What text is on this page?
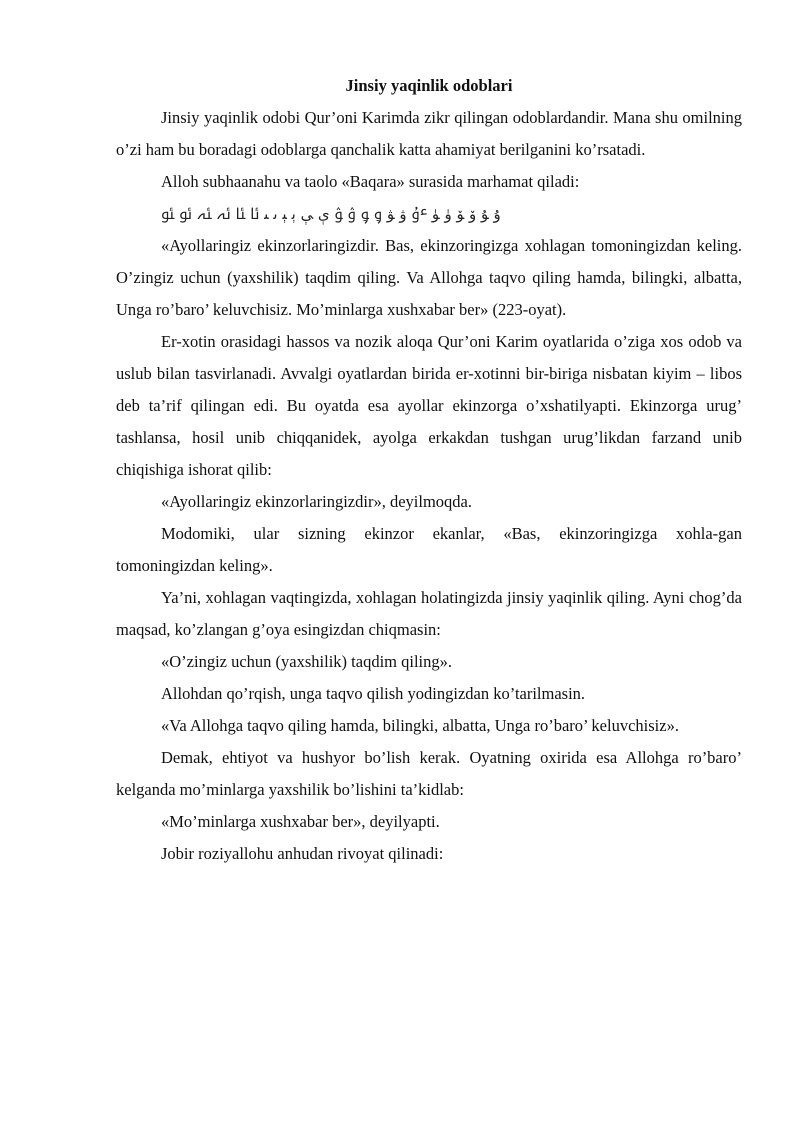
Jinsiy yaqinlik odoblari

Jinsiy yaqinlik odobi Qur’oni Karimda zikr qilingan odoblardandir. Mana shu omilning o’zi ham bu boradagi odoblarga qanchalik katta ahamiyat berilganini ko’rsatadi.

Alloh subhaanahu va taolo «Baqara» surasida marhamat qiladi:

ﯗ ﯘ ﯙ ﯚ ﯛ ﯜ ﯝ ﯞ ﯟ ﯠ ﯡ ﯢ ﯣ ﯤ ﯥ ﯦ ﯧ ﯨ ﯩ ﯪ ﯫ ﯬ ﯭ ﯮ ﯯ

«Ayollaringiz ekinzorlaringizdir. Bas, ekinzoringizga xohlagan tomoningizdan keling. O’zingiz uchun (yaxshilik) taqdim qiling. Va Allohga taqvo qiling hamda, bilingki, albatta, Unga ro’baro’ keluvchisiz. Mo’minlarga xushxabar ber» (223-oyat).

Er-xotin orasidagi hassos va nozik aloqa Qur’oni Karim oyatlarida o’ziga xos odob va uslub bilan tasvirlanadi. Avvalgi oyatlardan birida er-xotinni bir-biriga nisbatan kiyim – libos deb ta’rif qilingan edi. Bu oyatda esa ayollar ekinzorga o’xshatilyapti. Ekinzorga urug’ tashlansa, hosil unib chiqqanidek, ayolga erkakdan tushgan urug’likdan farzand unib chiqishiga ishorat qilib:

«Ayollaringiz ekinzorlaringizdir», deyilmoqda.

Modomiki, ular sizning ekinzor ekanlar, «Bas, ekinzoringizga xohla-gan tomoningizdan keling».

Ya’ni, xohlagan vaqtingizda, xohlagan holatingizda jinsiy yaqinlik qiling. Ayni chog’da maqsad, ko’zlangan g’oya esingizdan chiqmasin:

«O’zingiz uchun (yaxshilik) taqdim qiling».

Allohdan qo’rqish, unga taqvo qilish yodingizdan ko’tarilmasin.

«Va Allohga taqvo qiling hamda, bilingki, albatta, Unga ro’baro’ keluvchisiz».

Demak, ehtiyot va hushyor bo’lish kerak. Oyatning oxirida esa Allohga ro’baro’ kelganda mo’minlarga yaxshilik bo’lishini ta’kidlab:

«Mo’minlarga xushxabar ber», deyilyapti.

Jobir roziyallohu anhudan rivoyat qilinadi:
